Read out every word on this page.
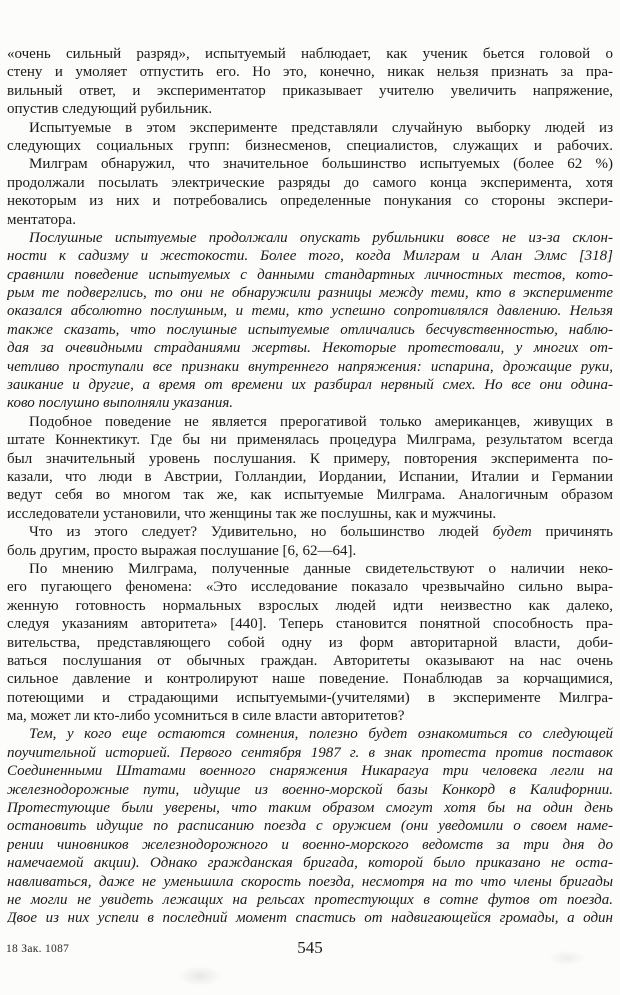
«очень сильный разряд», испытуемый наблюдает, как ученик бьется головой о
стену и умоляет отпустить его. Но это, конечно, никак нельзя признать за пра-
вильный ответ, и экспериментатор приказывает учителю увеличить напряжение,
опустив следующий рубильник.
Испытуемые в этом эксперименте представляли случайную выборку людей из
следующих социальных групп: бизнесменов, специалистов, служащих и рабочих.
Милграм обнаружил, что значительное большинство испытуемых (более 62 %)
продолжали посылать электрические разряды до самого конца эксперимента, хотя
некоторым из них и потребовались определенные понукания со стороны экспери-
ментатора.
Послушные испытуемые продолжали опускать рубильники вовсе не из-за склон-
ности к садизму и жестокости. Более того, когда Милграм и Алан Элмс [318]
сравнили поведение испытуемых с данными стандартных личностных тестов, кото-
рым те подверглись, то они не обнаружили разницы между теми, кто в эксперименте
оказался абсолютно послушным, и теми, кто успешно сопротивлялся давлению. Нельзя
также сказать, что послушные испытуемые отличались бесчувственностью, наблю-
дая за очевидными страданиями жертвы. Некоторые протестовали, у многих от-
четливо проступали все признаки внутреннего напряжения: испарина, дрожащие руки,
заикание и другие, а время от времени их разбирал нервный смех. Но все они одина-
ково послушно выполняли указания.
Подобное поведение не является прерогативой только американцев, живущих в
штате Коннектикут. Где бы ни применялась процедура Милграма, результатом всегда
был значительный уровень послушания. К примеру, повторения эксперимента по-
казали, что люди в Австрии, Голландии, Иордании, Испании, Италии и Германии
ведут себя во многом так же, как испытуемые Милграма. Аналогичным образом
исследователи установили, что женщины так же послушны, как и мужчины.
Что из этого следует? Удивительно, но большинство людей будет причинять
боль другим, просто выражая послушание [6, 62—64].
По мнению Милграма, полученные данные свидетельствуют о наличии неко-
его пугающего феномена: «Это исследование показало чрезвычайно сильно выра-
женную готовность нормальных взрослых людей идти неизвестно как далеко,
следуя указаниям авторитета» [440]. Теперь становится понятной способность пра-
вительства, представляющего собой одну из форм авторитарной власти, доби-
ваться послушания от обычных граждан. Авторитеты оказывают на нас очень
сильное давление и контролируют наше поведение. Понаблюдав за корчащимися,
потеющими и страдающими испытуемыми-(учителями) в эксперименте Милгра-
ма, может ли кто-либо усомниться в силе власти авторитетов?
Тем, у кого еще остаются сомнения, полезно будет ознакомиться со следующей
поучительной историей. Первого сентября 1987 г. в знак протеста против поставок
Соединенными Штатами военного снаряжения Никарагуа три человека легли на
железнодорожные пути, идущие из военно-морской базы Конкорд в Калифорнии.
Протестующие были уверены, что таким образом смогут хотя бы на один день
остановить идущие по расписанию поезда с оружием (они уведомили о своем наме-
рении чиновников железнодорожного и военно-морского ведомств за три дня до
намечаемой акции). Однако гражданская бригада, которой было приказано не оста-
навливаться, даже не уменьшила скорость поезда, несмотря на то что члены бригады
не могли не увидеть лежащих на рельсах протестующих в сотне футов от поезда.
Двое из них успели в последний момент спастись от надвигающейся громады, а один
18 Зак. 1087	545
